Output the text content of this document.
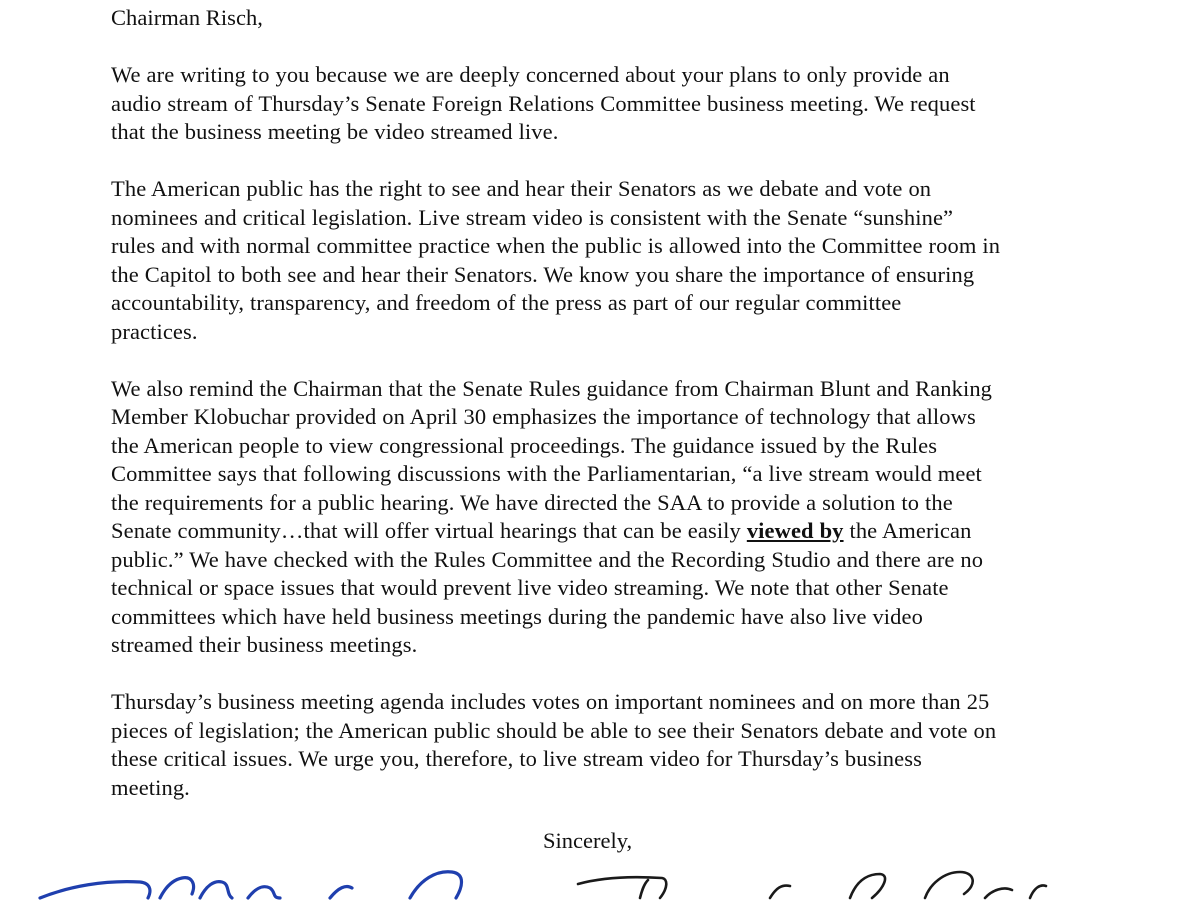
Chairman Risch,

We are writing to you because we are deeply concerned about your plans to only provide an
audio stream of Thursday’s Senate Foreign Relations Committee business meeting. We request
that the business meeting be video streamed live.

The American public has the right to see and hear their Senators as we debate and vote on
nominees and critical legislation. Live stream video is consistent with the Senate “sunshine”
rules and with normal committee practice when the public is allowed into the Committee room in
the Capitol to both see and hear their Senators. We know you share the importance of ensuring
accountability, transparency, and freedom of the press as part of our regular committee
practices.

We also remind the Chairman that the Senate Rules guidance from Chairman Blunt and Ranking
Member Klobuchar provided on April 30 emphasizes the importance of technology that allows
the American people to view congressional proceedings. The guidance issued by the Rules
Committee says that following discussions with the Parliamentarian, “a live stream would meet
the requirements for a public hearing. We have directed the SAA to provide a solution to the
Senate community…that will offer virtual hearings that can be easily viewed by the American
public.” We have checked with the Rules Committee and the Recording Studio and there are no
technical or space issues that would prevent live video streaming. We note that other Senate
committees which have held business meetings during the pandemic have also live video
streamed their business meetings.

Thursday’s business meeting agenda includes votes on important nominees and on more than 25
pieces of legislation; the American public should be able to see their Senators debate and vote on
these critical issues. We urge you, therefore, to live stream video for Thursday’s business
meeting.

Sincerely,
